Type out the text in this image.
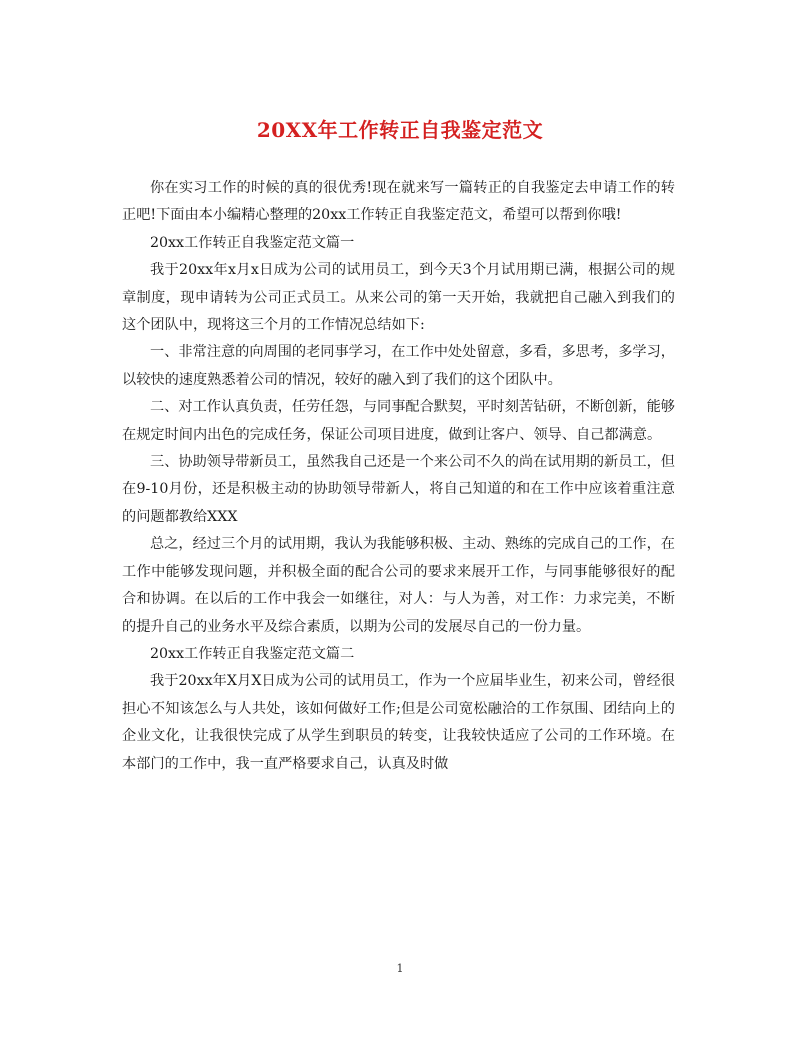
20XX年工作转正自我鉴定范文

你在实习工作的时候的真的很优秀!现在就来写一篇转正的自我鉴定去申请工作的转正吧!下面由本小编精心整理的20xx工作转正自我鉴定范文，希望可以帮到你哦!

20xx工作转正自我鉴定范文篇一

我于20xx年x月x日成为公司的试用员工，到今天3个月试用期已满，根据公司的规章制度，现申请转为公司正式员工。从来公司的第一天开始，我就把自己融入到我们的这个团队中，现将这三个月的工作情况总结如下:

一、非常注意的向周围的老同事学习，在工作中处处留意，多看，多思考，多学习，以较快的速度熟悉着公司的情况，较好的融入到了我们的这个团队中。

二、对工作认真负责，任劳任怨，与同事配合默契，平时刻苦钻研，不断创新，能够在规定时间内出色的完成任务，保证公司项目进度，做到让客户、领导、自己都满意。

三、协助领导带新员工，虽然我自己还是一个来公司不久的尚在试用期的新员工，但在9-10月份，还是积极主动的协助领导带新人，将自己知道的和在工作中应该着重注意的问题都教给XXX

总之，经过三个月的试用期，我认为我能够积极、主动、熟练的完成自己的工作，在工作中能够发现问题，并积极全面的配合公司的要求来展开工作，与同事能够很好的配合和协调。在以后的工作中我会一如继往，对人：与人为善，对工作：力求完美，不断的提升自己的业务水平及综合素质，以期为公司的发展尽自己的一份力量。

20xx工作转正自我鉴定范文篇二

我于20xx年X月X日成为公司的试用员工，作为一个应届毕业生，初来公司，曾经很担心不知该怎么与人共处，该如何做好工作;但是公司宽松融洽的工作氛围、团结向上的企业文化，让我很快完成了从学生到职员的转变，让我较快适应了公司的工作环境。在本部门的工作中，我一直严格要求自己，认真及时做

1
